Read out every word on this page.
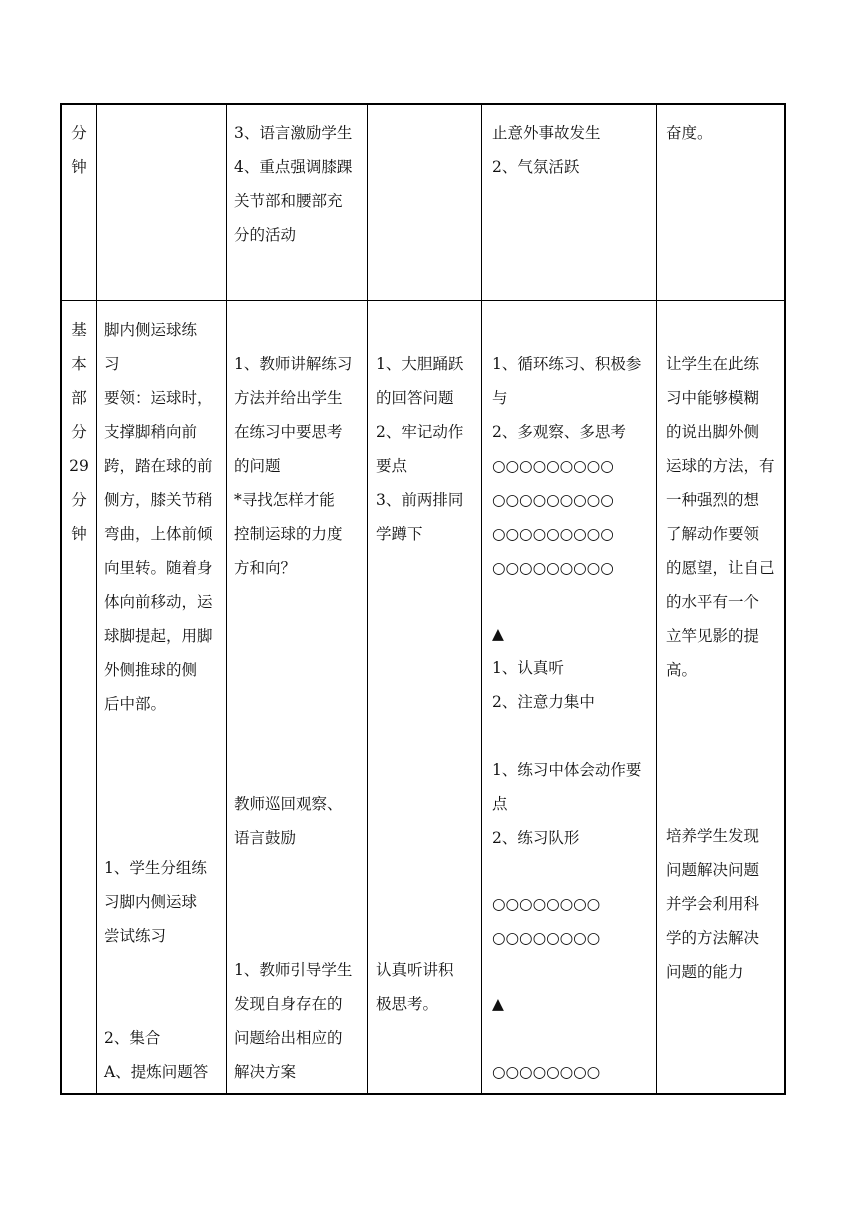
分
钟
3、语言激励学生
4、重点强调膝踝
关节部和腰部充
分的活动
止意外事故发生
2、气氛活跃
奋度。
基
本
部
分
29
分
钟
脚内侧运球练
习
要领：运球时，
支撑脚稍向前
跨，踏在球的前
侧方，膝关节稍
弯曲，上体前倾
向里转。随着身
体向前移动，运
球脚提起，用脚
外侧推球的侧
后中部。
1、学生分组练
习脚内侧运球
尝试练习
2、集合
A、提炼问题答
1、教师讲解练习
方法并给出学生
在练习中要思考
的问题
*寻找怎样才能
控制运球的力度
方和向？
教师巡回观察、
语言鼓励
1、教师引导学生
发现自身存在的
问题给出相应的
解决方案
1、大胆踊跃
的回答问题
2、牢记动作
要点
3、前两排同
学蹲下
认真听讲积
极思考。
1、循环练习、积极参
与
2、多观察、多思考
○○○○○○○○○
○○○○○○○○○
○○○○○○○○○
○○○○○○○○○
▲
1、认真听
2、注意力集中
1、练习中体会动作要
点
2、练习队形
○○○○○○○○
○○○○○○○○
▲
○○○○○○○○
让学生在此练
习中能够模糊
的说出脚外侧
运球的方法，有
一种强烈的想
了解动作要领
的愿望，让自己
的水平有一个
立竿见影的提
高。
培养学生发现
问题解决问题
并学会利用科
学的方法解决
问题的能力
